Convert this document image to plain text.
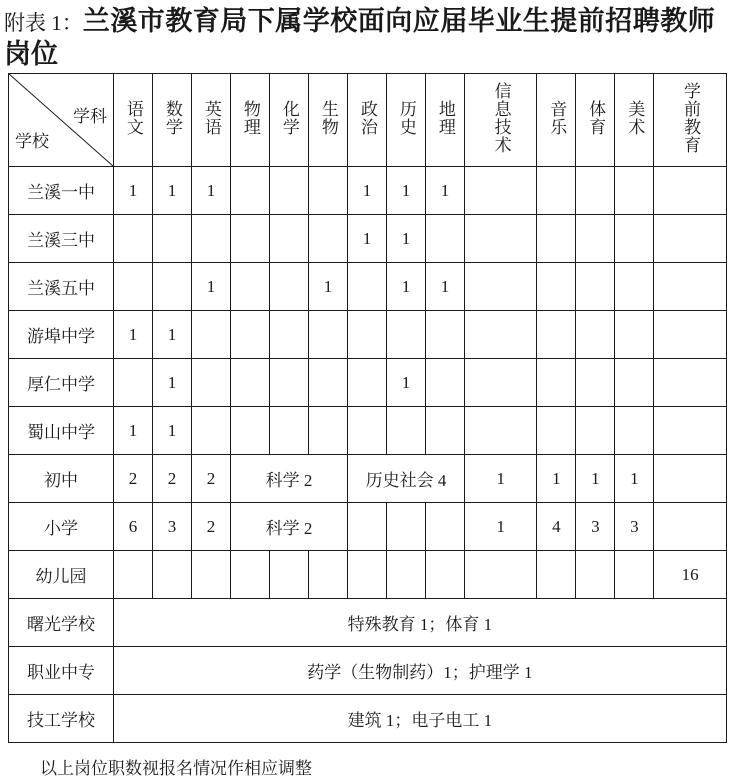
附表 1：兰溪市教育局下属学校面向应届毕业生提前招聘教师
岗位
学科
学校	语文	数学	英语	物理	化学	生物	政治	历史	地理	信息技术	音乐	体育	美术	学前教育
兰溪一中	1	1	1				1	1	1					
兰溪三中							1	1						
兰溪五中			1			1		1	1					
游埠中学	1	1												
厚仁中学		1						1						
蜀山中学	1	1												
初中	2	2	2	科学 2			历史社会 4			1	1	1	1	
小学	6	3	2	科学 2						1	4	3	3	
幼儿园														16
曙光学校	特殊教育 1；体育 1													
职业中专	药学（生物制药）1；护理学 1													
技工学校	建筑 1；电子电工 1													
以上岗位职数视报名情况作相应调整
